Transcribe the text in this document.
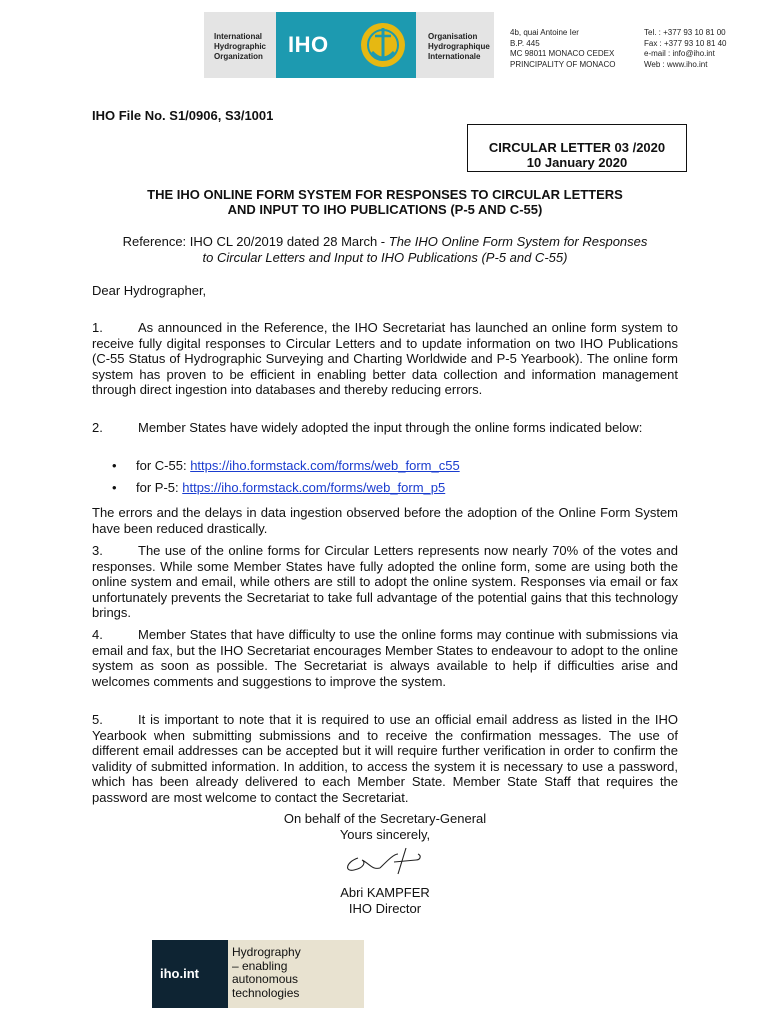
International
Hydrographic
Organization	IHO	Organisation
Hydrographique
Internationale
4b, quai Antoine Ier
B.P. 445
MC 98011 MONACO CEDEX
PRINCIPALITY OF MONACO
Tel. : +377 93 10 81 00
Fax : +377 93 10 81 40
e-mail : info@iho.int
Web : www.iho.int
IHO File No. S1/0906, S3/1001
CIRCULAR LETTER 03 /2020
10 January 2020
THE IHO ONLINE FORM SYSTEM FOR RESPONSES TO CIRCULAR LETTERS
AND INPUT TO IHO PUBLICATIONS (P-5 AND C-55)
Reference: IHO CL 20/2019 dated 28 March - The IHO Online Form System for Responses
to Circular Letters and Input to IHO Publications (P-5 and C-55)
Dear Hydrographer,
1.	As announced in the Reference, the IHO Secretariat has launched an online form system to receive fully digital responses to Circular Letters and to update information on two IHO Publications (C-55 Status of Hydrographic Surveying and Charting Worldwide and P-5 Yearbook). The online form system has proven to be efficient in enabling better data collection and information management through direct ingestion into databases and thereby reducing errors.
2.	Member States have widely adopted the input through the online forms indicated below:
• for C-55: https://iho.formstack.com/forms/web_form_c55
• for P-5: https://iho.formstack.com/forms/web_form_p5
The errors and the delays in data ingestion observed before the adoption of the Online Form System have been reduced drastically.
3.	The use of the online forms for Circular Letters represents now nearly 70% of the votes and responses. While some Member States have fully adopted the online form, some are using both the online system and email, while others are still to adopt the online system. Responses via email or fax unfortunately prevents the Secretariat to take full advantage of the potential gains that this technology brings.
4.	Member States that have difficulty to use the online forms may continue with submissions via email and fax, but the IHO Secretariat encourages Member States to endeavour to adopt to the online system as soon as possible. The Secretariat is always available to help if difficulties arise and welcomes comments and suggestions to improve the system.
5.	It is important to note that it is required to use an official email address as listed in the IHO Yearbook when submitting submissions and to receive the confirmation messages. The use of different email addresses can be accepted but it will require further verification in order to confirm the validity of submitted information. In addition, to access the system it is necessary to use a password, which has been already delivered to each Member State. Member State Staff that requires the password are most welcome to contact the Secretariat.
On behalf of the Secretary-General
Yours sincerely,
Abri KAMPFER
IHO Director
iho.int
Hydrography
– enabling
autonomous
technologies
